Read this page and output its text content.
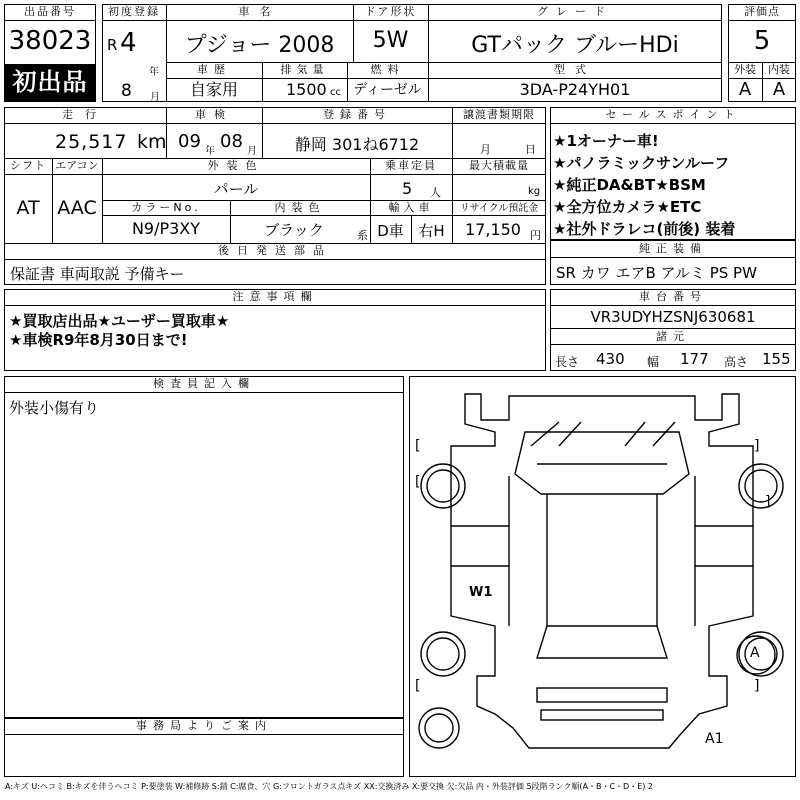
出品番号
38023
初出品
初度登録
R 4
年
8 月
車名
プジョー 2008
ドア形状
5W
グレード
GTパック ブルーHDi
車歴
自家用
排気量
1500 cc
燃料
ディーゼル
型式
3DA-P24YH01
評価点
5
外装	内装
A	A
走行
25,517 km
車検
09 年 08 月
登録番号
静岡 301ね6712
譲渡書類期限
月	日
シフト
AT
エアコン
AAC
外装色
パール
乗車定員
5 人
最大積載量
kg
カラーNo.
N9/P3XY
内装色
ブラック	系
輸入車
D車 右H
リサイクル預託金
17,150 円
後日発送部品
保証書 車両取説 予備キー
セールスポイント
★1オーナー車!
★パノラミックサンルーフ
★純正DA&BT★BSM
★全方位カメラ★ETC
★社外ドラレコ(前後) 装着
純正装備
SR カワ エアB アルミ PS PW
注意事項欄
★買取店出品★ユーザー買取車★
★車検R9年8月30日まで!
車台番号
VR3UDYHZSNJ630681
諸元
長さ 430 幅 177 高さ 155
検査員記入欄
外装小傷有り
事務局よりご案内
[	]
[	]
[
]
W1
A
A1
A:キズ U:ヘコミ B:キズを伴うヘコミ P:要塗装 W:補修跡 S:錆 C:腐食、穴 G:フロントガラス点キズ XX:交換済み X:要交換 欠:欠品 内・外装評価 5段階ランク順(A・B・C・D・E) 2
